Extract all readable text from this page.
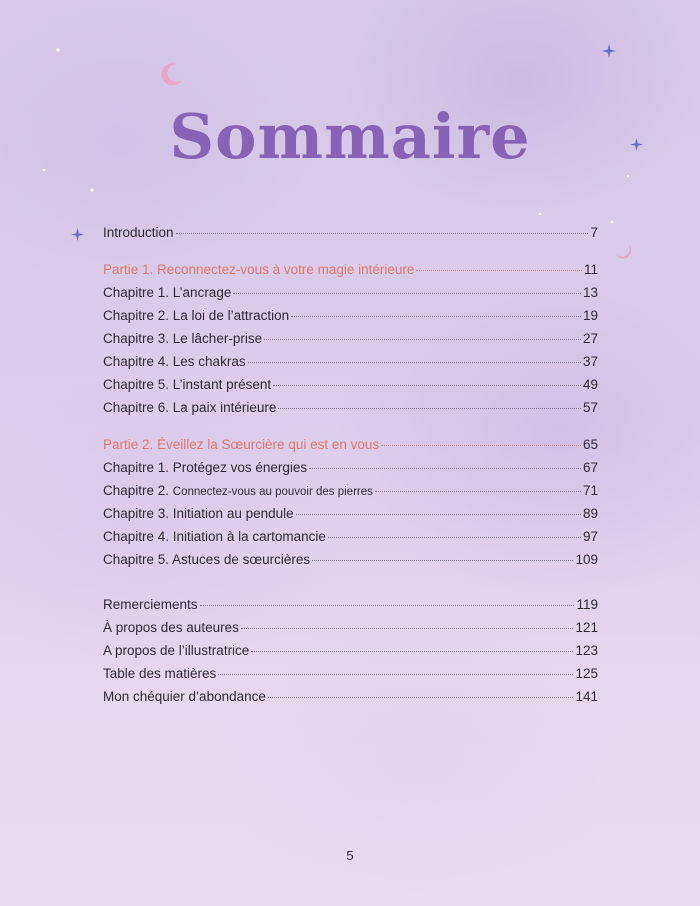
Sommaire
Introduction	7
Partie 1. Reconnectez-vous à votre magie intérieure	11
Chapitre 1. L’ancrage	13
Chapitre 2. La loi de l’attraction	19
Chapitre 3. Le lâcher-prise	27
Chapitre 4. Les chakras	37
Chapitre 5. L’instant présent	49
Chapitre 6. La paix intérieure	57
Partie 2. Éveillez la Sœurcière qui est en vous	65
Chapitre 1. Protégez vos énergies	67
Chapitre 2. Connectez-vous au pouvoir des pierres	71
Chapitre 3. Initiation au pendule	89
Chapitre 4. Initiation à la cartomancie	97
Chapitre 5. Astuces de sœurcières	109
Remerciements	119
À propos des auteures	121
A propos de l’illustratrice	123
Table des matières	125
Mon chéquier d’abondance	141
5
